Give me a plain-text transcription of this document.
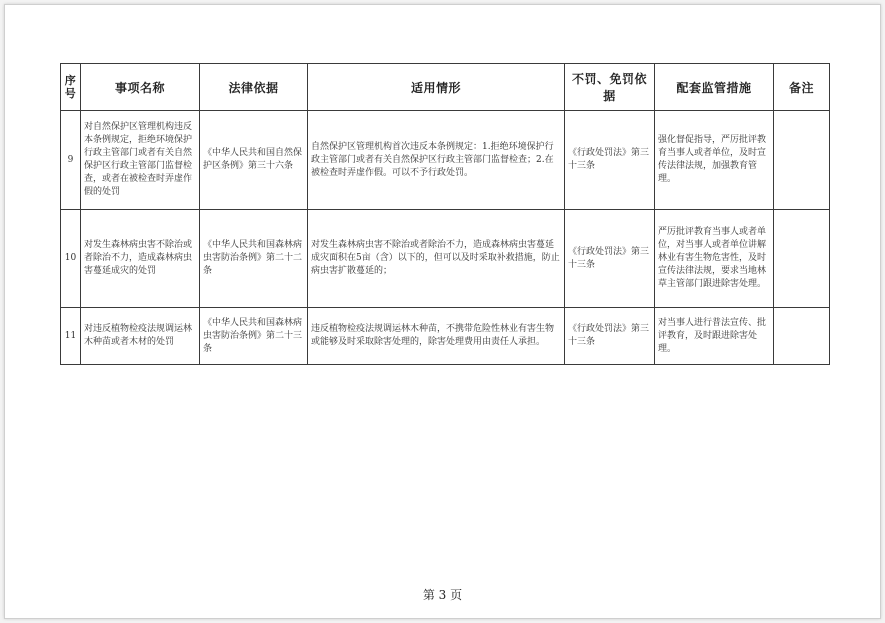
序号	事项名称	法律依据	适用情形	不罚、免罚依据	配套监管措施	备注
9	对自然保护区管理机构违反本条例规定，拒绝环境保护行政主管部门或者有关自然保护区行政主管部门监督检查，或者在被检查时弄虚作假的处罚	《中华人民共和国自然保护区条例》第三十六条	自然保护区管理机构首次违反本条例规定：1.拒绝环境保护行政主管部门或者有关自然保护区行政主管部门监督检查；2.在被检查时弄虚作假。可以不予行政处罚。	《行政处罚法》第三十三条	强化督促指导，严厉批评教育当事人或者单位，及时宣传法律法规，加强教育管理。	
10	对发生森林病虫害不除治或者除治不力，造成森林病虫害蔓延成灾的处罚	《中华人民共和国森林病虫害防治条例》第二十二条	对发生森林病虫害不除治或者除治不力，造成森林病虫害蔓延成灾面积在5亩（含）以下的，但可以及时采取补救措施，防止病虫害扩散蔓延的；	《行政处罚法》第三十三条	严厉批评教育当事人或者单位，对当事人或者单位讲解林业有害生物危害性，及时宣传法律法规，要求当地林草主管部门跟进除害处理。	
11	对违反植物检疫法规调运林木种苗或者木材的处罚	《中华人民共和国森林病虫害防治条例》第二十三条	违反植物检疫法规调运林木种苗，不携带危险性林业有害生物或能够及时采取除害处理的，除害处理费用由责任人承担。	《行政处罚法》第三十三条	对当事人进行普法宣传、批评教育，及时跟进除害处理。	
第 3 页
